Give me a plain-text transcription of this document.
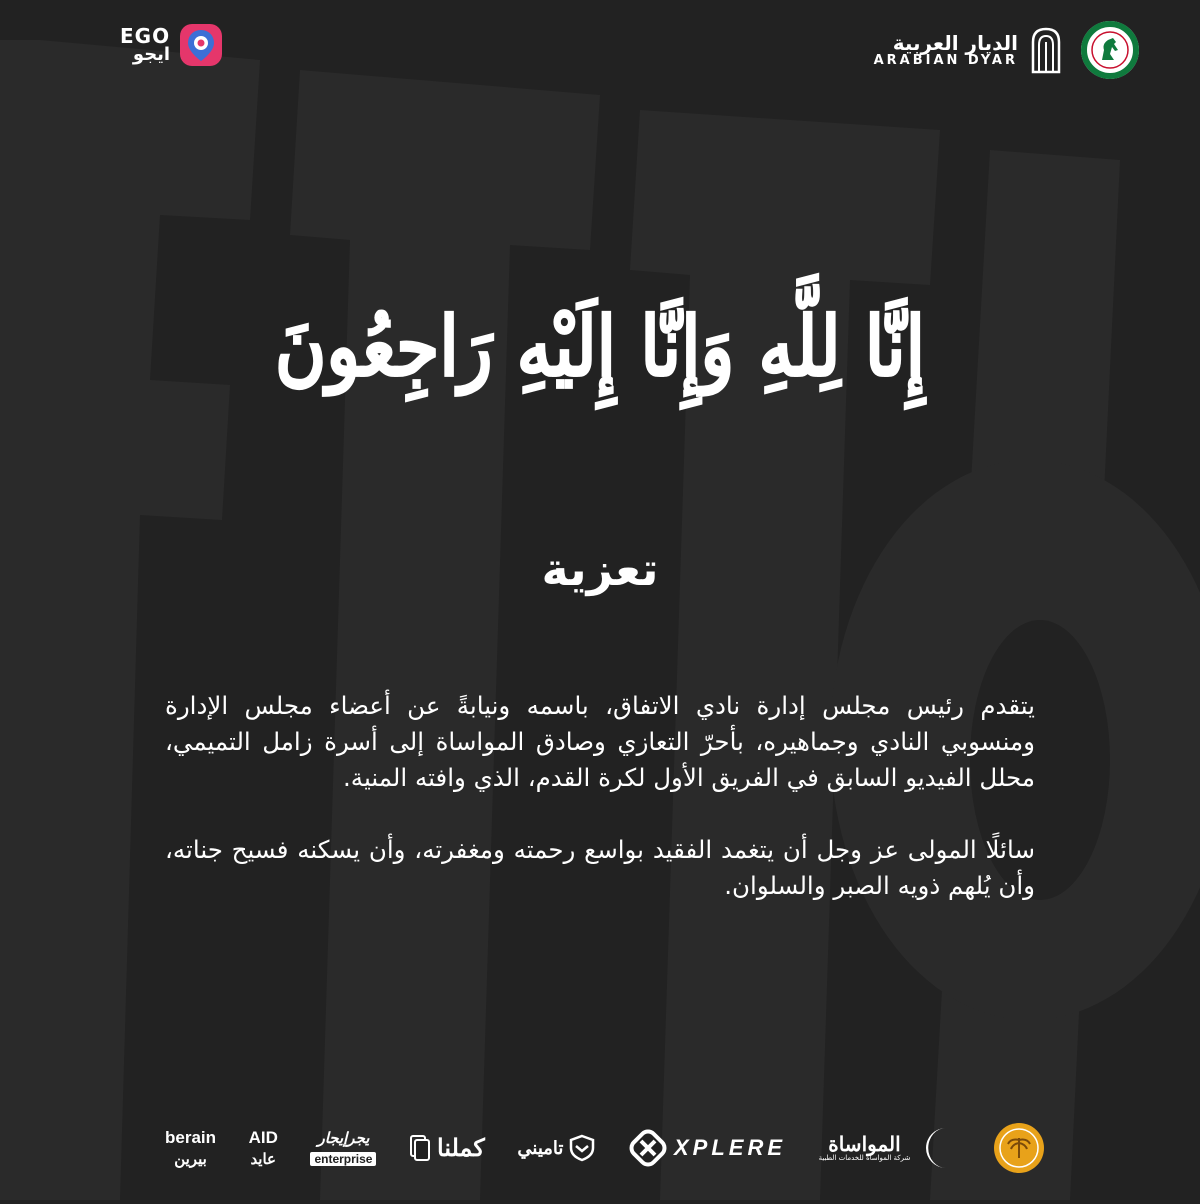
EGO
ايجو	الديار العربية
ARABIAN DYAR
إِنَّا لِلَّهِ وَإِنَّا إِلَيْهِ رَاجِعُونَ
تعزية

يتقدم رئيس مجلس إدارة نادي الاتفاق، باسمه ونيابةً عن أعضاء مجلس الإدارة ومنسوبي النادي وجماهيره، بأحرّ التعازي وصادق المواساة إلى أسرة زامل التميمي، محلل الفيديو السابق في الفريق الأول لكرة القدم، الذي وافته المنية.

سائلًا المولى عز وجل أن يتغمد الفقيد بواسع رحمته ومغفرته، وأن يسكنه فسيح جناته، وأن يُلهم ذويه الصبر والسلوان.

berain
بيرين
AID
عايد
يجرإيجار
enterprise	كملنا تاميني	XPLERE المواساة
شركة المواساة للخدمات الطبية
